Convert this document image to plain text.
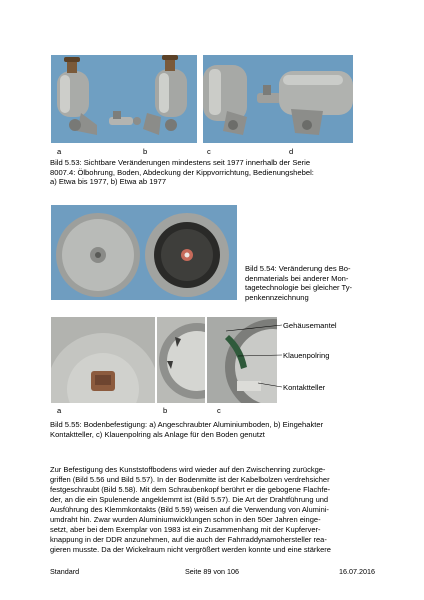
a	b	c	d
Bild 5.53: Sichtbare Veränderungen mindestens seit 1977 innerhalb der Serie
8007.4: Ölbohrung, Boden, Abdeckung der Kippvorrichtung, Bedienungshebel:
a) Etwa bis 1977, b) Etwa ab 1977
Bild 5.54: Veränderung des Bo-
denmaterials bei anderer Mon-
tagetechnologie bei gleicher Ty-
penkennzeichnung
Gehäusemantel
Klauenpolring
Kontaktteller
a	b	c
Bild 5.55: Bodenbefestigung: a) Angeschraubter Aluminiumboden, b) Eingehakter
Kontaktteller, c) Klauenpolring als Anlage für den Boden genutzt
Zur Befestigung des Kunststoffbodens wird wieder auf den Zwischenring zurückge-
griffen (Bild 5.56 und Bild 5.57). In der Bodenmitte ist der Kabelbolzen verdrehsicher
festgeschraubt (Bild 5.58). Mit dem Schraubenkopf berührt er die gebogene Flachfe-
der, an die ein Spulenende angeklemmt ist (Bild 5.57). Die Art der Drahtführung und
Ausführung des Klemmkontakts (Bild 5.59) weisen auf die Verwendung von Alumini-
umdraht hin. Zwar wurden Aluminiumwicklungen schon in den 50er Jahren einge-
setzt, aber bei dem Exemplar von 1983 ist ein Zusammenhang mit der Kupferver-
knappung in der DDR anzunehmen, auf die auch der Fahrraddynamohersteller rea-
gieren musste. Da der Wickelraum nicht vergrößert werden konnte und eine stärkere
Standard	Seite 89 von 106	16.07.2016
